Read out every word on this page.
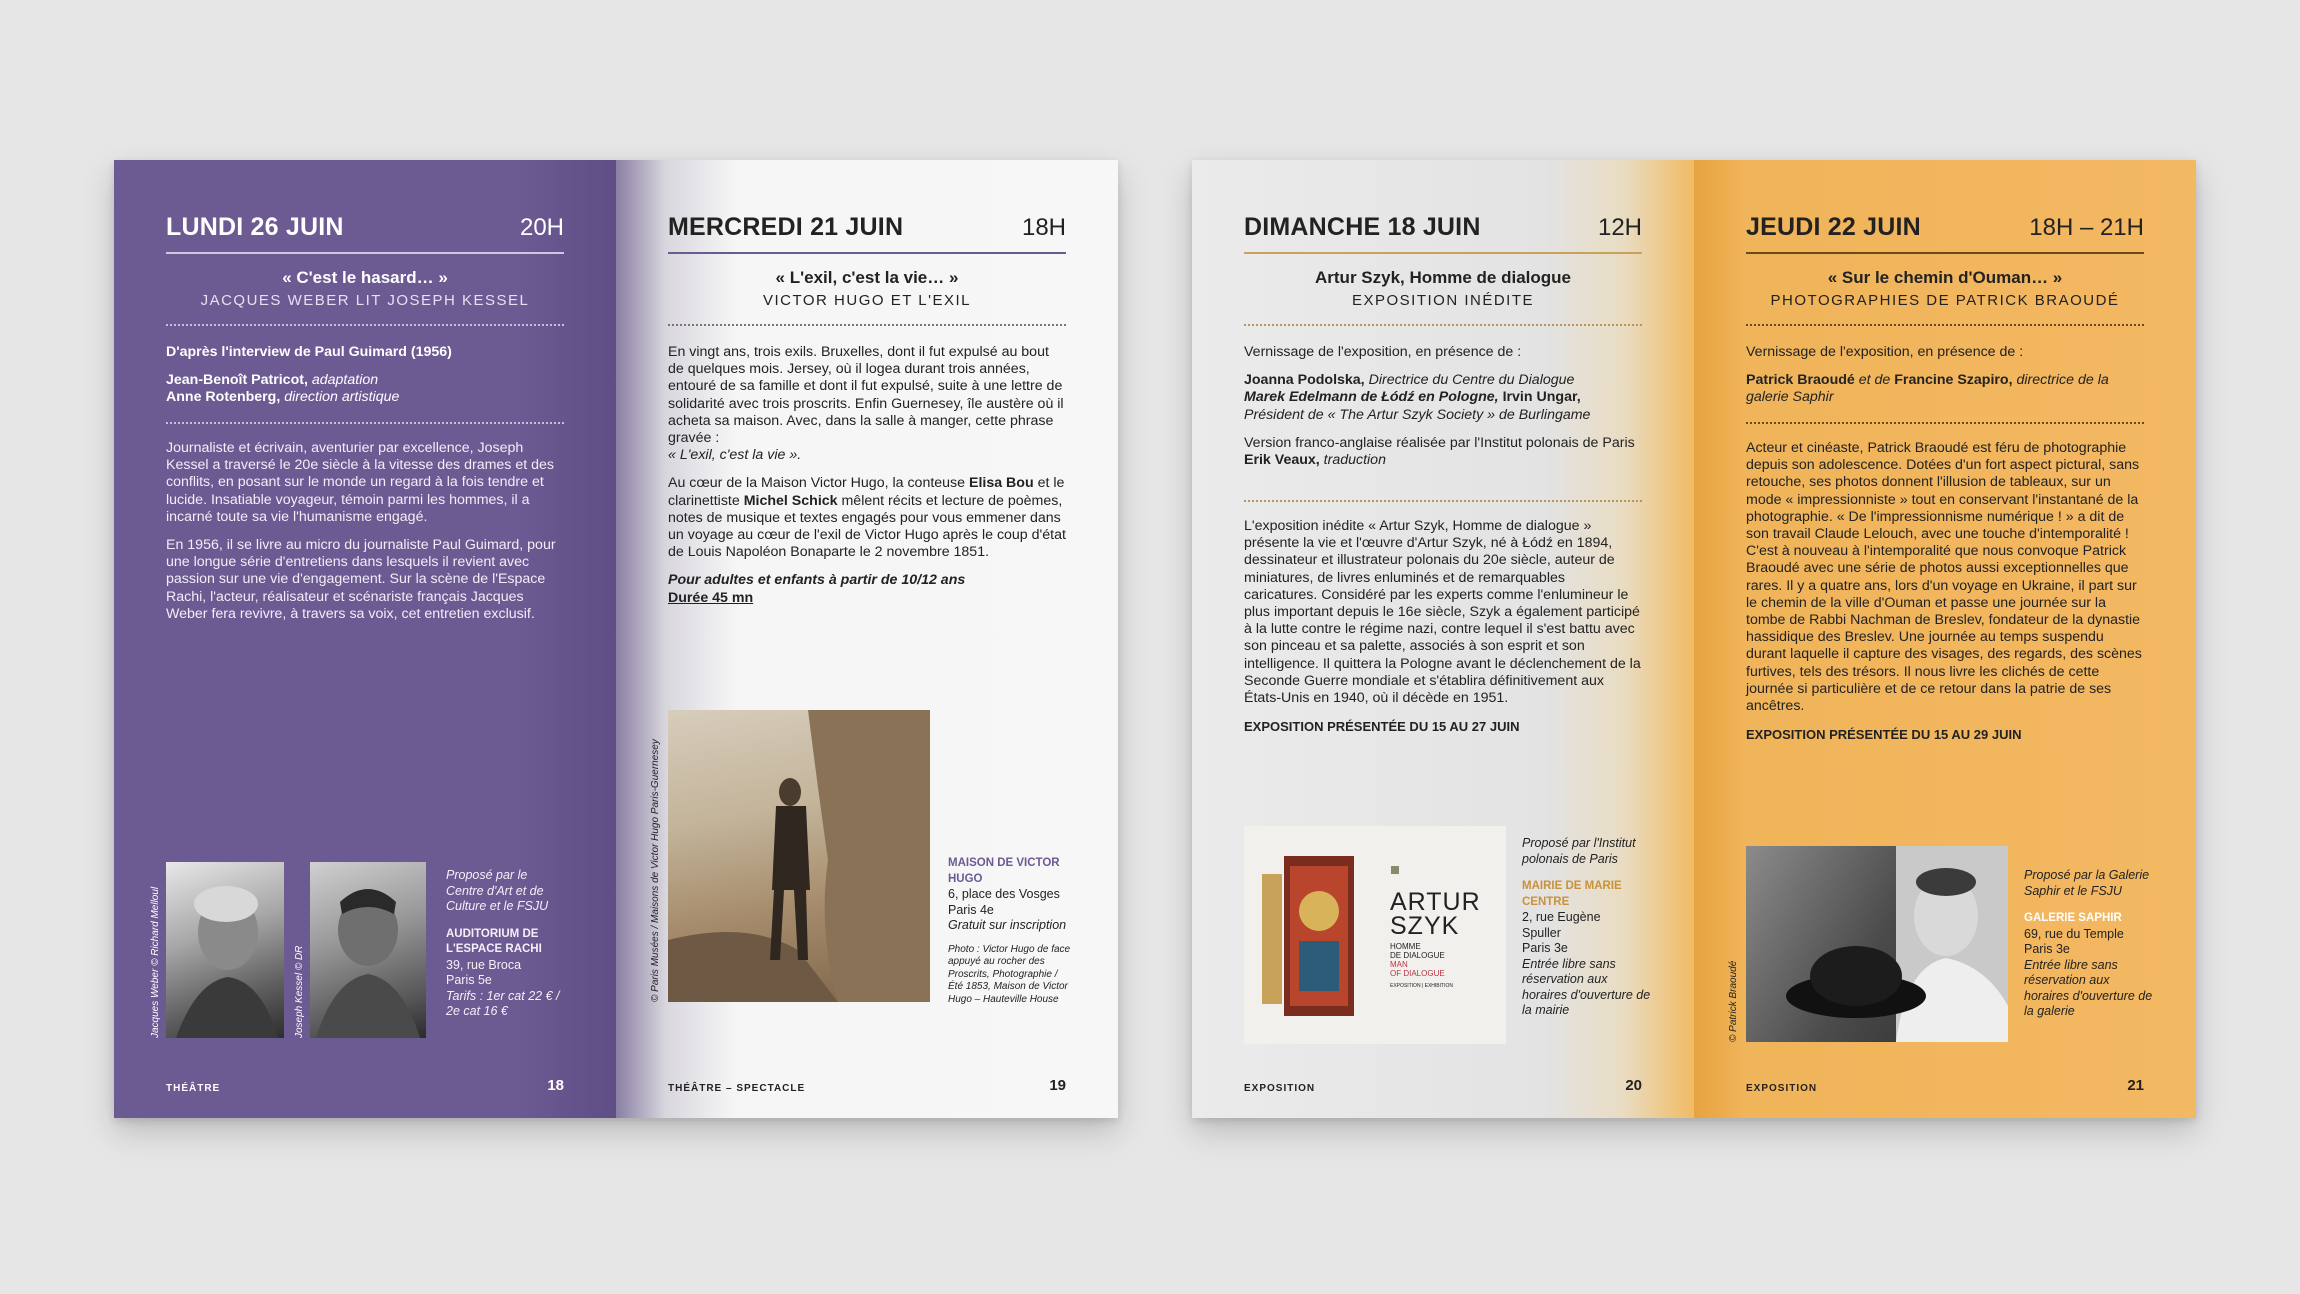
LUNDI 26 JUIN	20H
« C'est le hasard… »
JACQUES WEBER LIT JOSEPH KESSEL

D'après l'interview de Paul Guimard (1956)

Jean-Benoît Patricot, adaptation
Anne Rotenberg, direction artistique

Journaliste et écrivain, aventurier par excellence, Joseph Kessel a traversé le 20e siècle à la vitesse des drames et des conflits, en posant sur le monde un regard à la fois tendre et lucide. Insatiable voyageur, témoin parmi les hommes, il a incarné toute sa vie l'humanisme engagé.

En 1956, il se livre au micro du journaliste Paul Guimard, pour une longue série d'entretiens dans lesquels il revient avec passion sur une vie d'engagement. Sur la scène de l'Espace Rachi, l'acteur, réalisateur et scénariste français Jacques Weber fera revivre, à travers sa voix, cet entretien exclusif.

Jacques Weber © Richard Melloul	Joseph Kessel © DR
Proposé par le Centre d'Art et de Culture et le FSJU
AUDITORIUM DE L'ESPACE RACHI
39, rue Broca
Paris 5e
Tarifs : 1er cat 22 € / 2e cat 16 €
THÉÂTRE	18
MERCREDI 21 JUIN	18H
« L'exil, c'est la vie… »
VICTOR HUGO ET L'EXIL

En vingt ans, trois exils. Bruxelles, dont il fut expulsé au bout de quelques mois. Jersey, où il logea durant trois années, entouré de sa famille et dont il fut expulsé, suite à une lettre de solidarité avec trois proscrits. Enfin Guernesey, île austère où il acheta sa maison. Avec, dans la salle à manger, cette phrase gravée :
« L'exil, c'est la vie ».

Au cœur de la Maison Victor Hugo, la conteuse Elisa Bou et le clarinettiste Michel Schick mêlent récits et lecture de poèmes, notes de musique et textes engagés pour vous emmener dans un voyage au cœur de l'exil de Victor Hugo après le coup d'état de Louis Napoléon Bonaparte le 2 novembre 1851.

Pour adultes et enfants à partir de 10/12 ans
Durée 45 mn
© Paris Musées / Maisons de Victor Hugo Paris-Guernesey	MAISON DE VICTOR HUGO
6, place des Vosges
Paris 4e
Gratuit sur inscription
Photo : Victor Hugo de face appuyé au rocher des Proscrits, Photographie / Été 1853, Maison de Victor Hugo – Hauteville House
THÉÂTRE – SPECTACLE	19
DIMANCHE 18 JUIN	12H
Artur Szyk, Homme de dialogue
EXPOSITION INÉDITE

Vernissage de l'exposition, en présence de :

Joanna Podolska, Directrice du Centre du Dialogue
Marek Edelmann de Łódź en Pologne, Irvin Ungar,

Président de « The Artur Szyk Society » de Burlingame

Version franco-anglaise réalisée par l'Institut polonais de Paris
Erik Veaux, traduction

L'exposition inédite « Artur Szyk, Homme de dialogue » présente la vie et l'œuvre d'Artur Szyk, né à Łódź en 1894, dessinateur et illustrateur polonais du 20e siècle, auteur de miniatures, de livres enluminés et de remarquables caricatures. Considéré par les experts comme l'enlumineur le plus important depuis le 16e siècle, Szyk a également participé à la lutte contre le régime nazi, contre lequel il s'est battu avec son pinceau et sa palette, associés à son esprit et son intelligence. Il quittera la Pologne avant le déclenchement de la Seconde Guerre mondiale et s'établira définitivement aux États-Unis en 1940, où il décède en 1951.

EXPOSITION PRÉSENTÉE DU 15 AU 27 JUIN
ARTUR
SZYK
HOMME
DE DIALOGUE
MAN
OF DIALOGUE
EXPOSITION | EXHIBITION
Proposé par l'Institut polonais de Paris
MAIRIE DE MARIE CENTRE
2, rue Eugène
Spuller
Paris 3e
Entrée libre sans réservation aux horaires d'ouverture de la mairie
EXPOSITION	20
JEUDI 22 JUIN	18H – 21H
« Sur le chemin d'Ouman… »
PHOTOGRAPHIES DE PATRICK BRAOUDÉ

Vernissage de l'exposition, en présence de :

Patrick Braoudé et de Francine Szapiro, directrice de la galerie Saphir

Acteur et cinéaste, Patrick Braoudé est féru de photographie depuis son adolescence. Dotées d'un fort aspect pictural, sans retouche, ses photos donnent l'illusion de tableaux, sur un mode « impressionniste » tout en conservant l'instantané de la photographie. « De l'impressionnisme numérique ! » a dit de son travail Claude Lelouch, avec une touche d'intemporalité ! C'est à nouveau à l'intemporalité que nous convoque Patrick Braoudé avec une série de photos aussi exceptionnelles que rares. Il y a quatre ans, lors d'un voyage en Ukraine, il part sur le chemin de la ville d'Ouman et passe une journée sur la tombe de Rabbi Nachman de Breslev, fondateur de la dynastie hassidique des Breslev. Une journée au temps suspendu durant laquelle il capture des visages, des regards, des scènes furtives, tels des trésors. Il nous livre les clichés de cette journée si particulière et de ce retour dans la patrie de ses ancêtres.

EXPOSITION PRÉSENTÉE DU 15 AU 29 JUIN
© Patrick Braoudé
Proposé par la Galerie Saphir et le FSJU
GALERIE SAPHIR
69, rue du Temple
Paris 3e
Entrée libre sans réservation aux horaires d'ouverture de la galerie
EXPOSITION	21
